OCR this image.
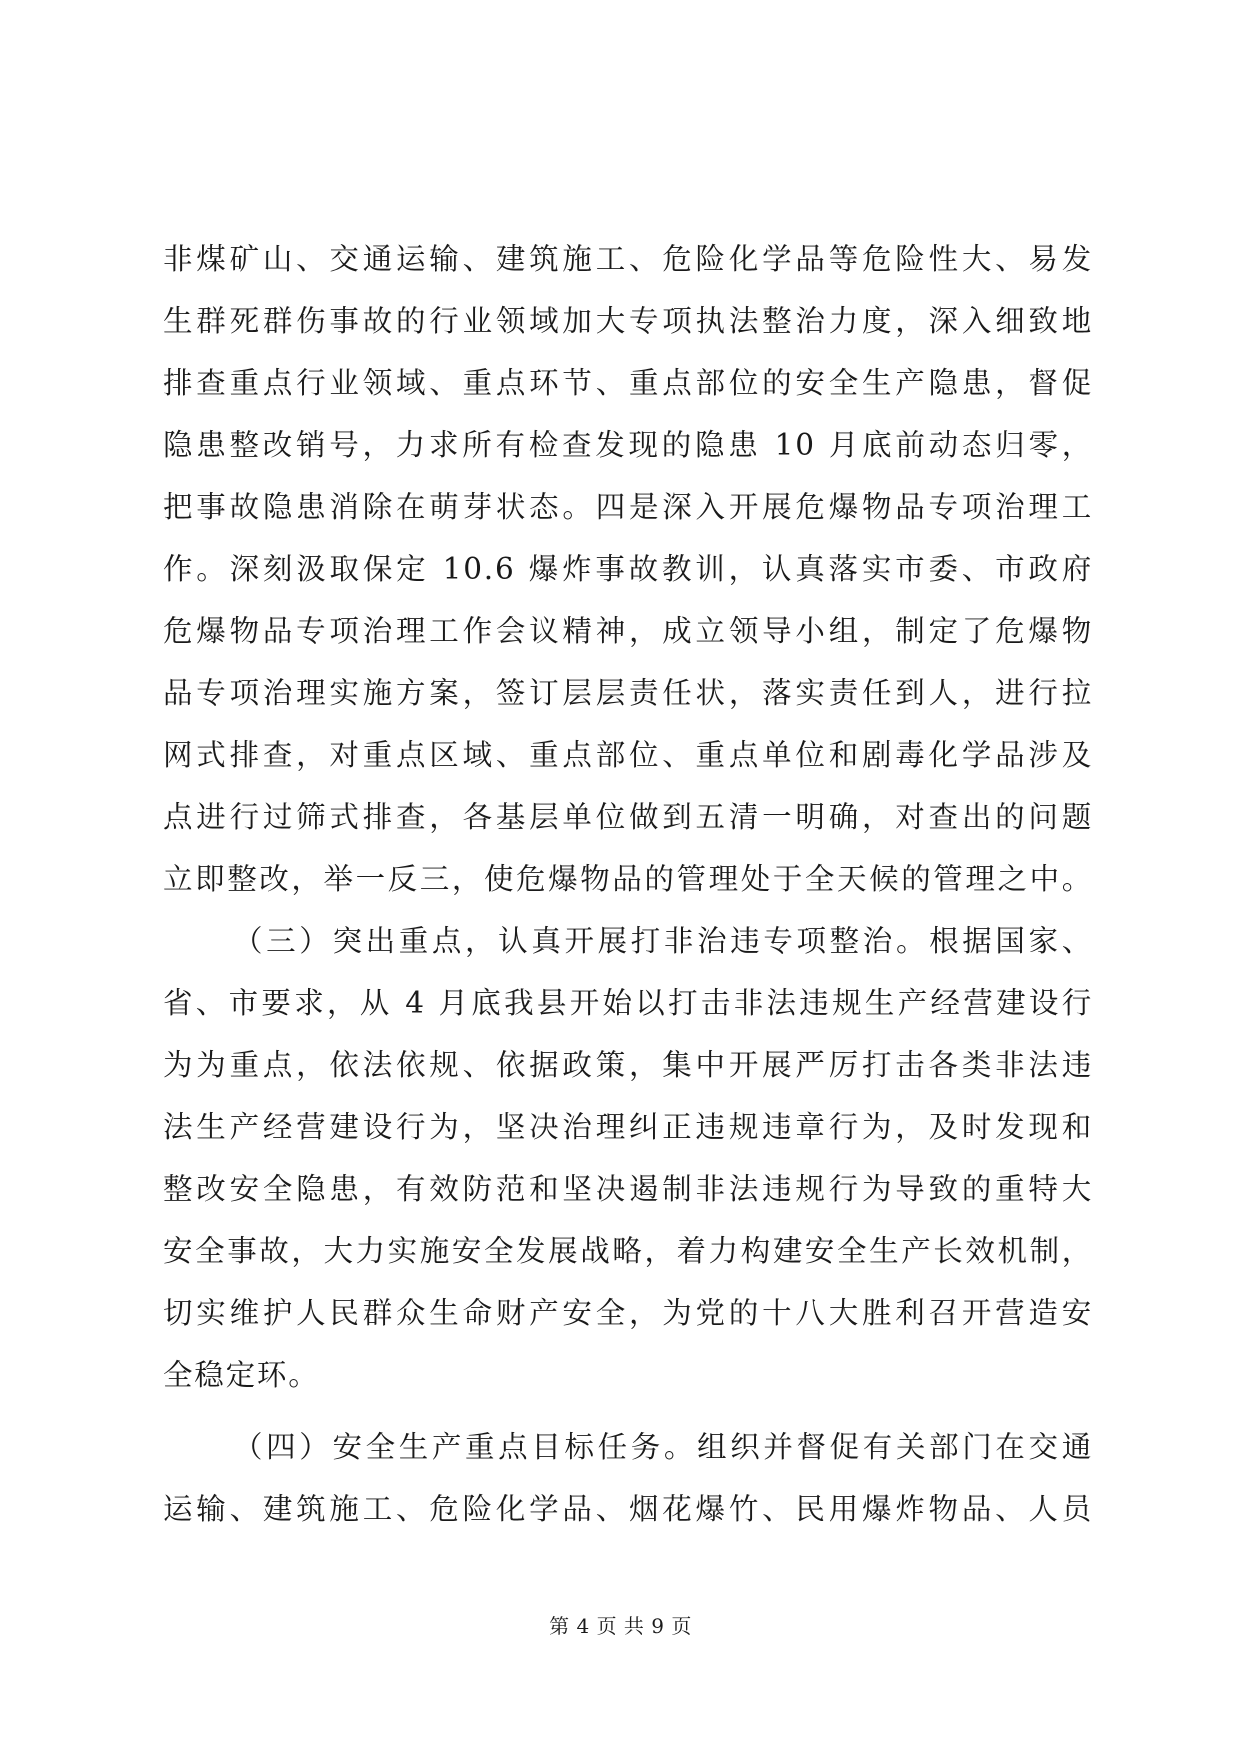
非煤矿山、交通运输、建筑施工、危险化学品等危险性大、易发
生群死群伤事故的行业领域加大专项执法整治力度，深入细致地
排查重点行业领域、重点环节、重点部位的安全生产隐患，督促
隐患整改销号，力求所有检查发现的隐患 10 月底前动态归零，
把事故隐患消除在萌芽状态。四是深入开展危爆物品专项治理工
作。深刻汲取保定 10.6 爆炸事故教训，认真落实市委、市政府
危爆物品专项治理工作会议精神，成立领导小组，制定了危爆物
品专项治理实施方案，签订层层责任状，落实责任到人，进行拉
网式排查，对重点区域、重点部位、重点单位和剧毒化学品涉及
点进行过筛式排查，各基层单位做到五清一明确，对查出的问题
立即整改，举一反三，使危爆物品的管理处于全天候的管理之中。
（三）突出重点，认真开展打非治违专项整治。根据国家、
省、市要求，从 4 月底我县开始以打击非法违规生产经营建设行
为为重点，依法依规、依据政策，集中开展严厉打击各类非法违
法生产经营建设行为，坚决治理纠正违规违章行为，及时发现和
整改安全隐患，有效防范和坚决遏制非法违规行为导致的重特大
安全事故，大力实施安全发展战略，着力构建安全生产长效机制，
切实维护人民群众生命财产安全，为党的十八大胜利召开营造安
全稳定环。
（四）安全生产重点目标任务。组织并督促有关部门在交通
运输、建筑施工、危险化学品、烟花爆竹、民用爆炸物品、人员
第 4 页 共 9 页
